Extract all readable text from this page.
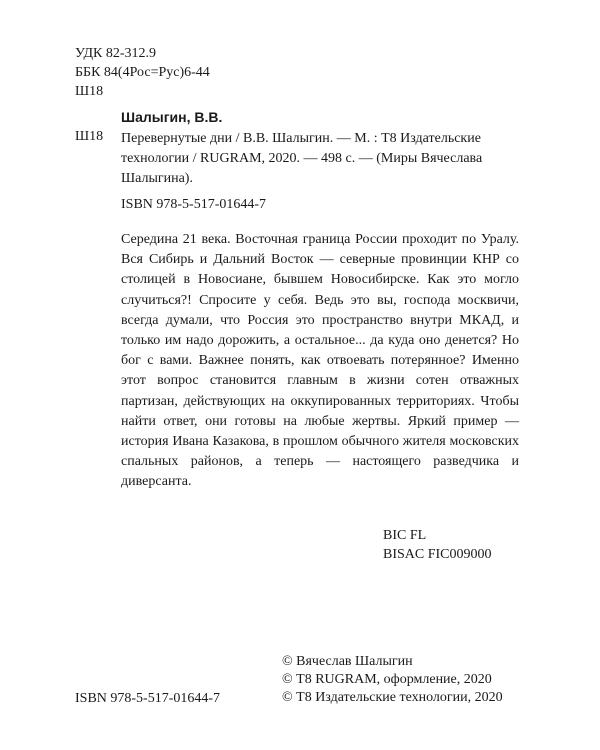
УДК 82-312.9
ББК 84(4Рос=Рус)6-44
Ш18
Шалыгин, В.В.
Ш18 Перевернутые дни / В.В. Шалыгин. — М. : Т8 Издательские технологии / RUGRAM, 2020. — 498 с. — (Миры Вячеслава Шалыгина).
ISBN 978-5-517-01644-7
Середина 21 века. Восточная граница России проходит по Уралу. Вся Сибирь и Дальний Восток — северные провинции КНР со столицей в Новосиане, бывшем Новосибирске. Как это могло случиться?! Спросите у себя. Ведь это вы, господа москвичи, всегда думали, что Россия это пространство внутри МКАД, и только им надо дорожить, а остальное... да куда оно денется? Но бог с вами. Важнее понять, как отвоевать потерянное? Именно этот вопрос становится главным в жизни сотен отважных партизан, действующих на оккупированных территориях. Чтобы найти ответ, они готовы на любые жертвы. Яркий пример — история Ивана Казакова, в прошлом обычного жителя московских спальных районов, а теперь — настоящего разведчика и диверсанта.
BIC FL
BISAC FIC009000
© Вячеслав Шалыгин
© Т8 RUGRAM, оформление, 2020
© Т8 Издательские технологии, 2020
ISBN 978-5-517-01644-7
